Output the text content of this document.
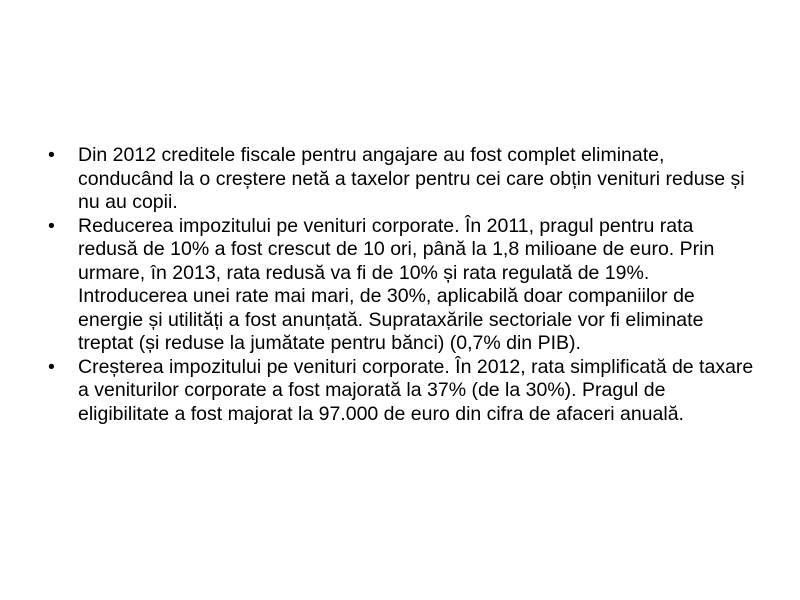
• Din 2012 creditele fiscale pentru angajare au fost complet eliminate, conducând la o creștere netă a taxelor pentru cei care obțin venituri reduse și nu au copii.
• Reducerea impozitului pe venituri corporate. În 2011, pragul pentru rata redusă de 10% a fost crescut de 10 ori, până la 1,8 milioane de euro. Prin urmare, în 2013, rata redusă va fi de 10% și rata regulată de 19%. Introducerea unei rate mai mari, de 30%, aplicabilă doar companiilor de energie și utilități a fost anunțată. Suprataxările sectoriale vor fi eliminate treptat (și reduse la jumătate pentru bănci) (0,7% din PIB).
• Creșterea impozitului pe venituri corporate. În 2012, rata simplificată de taxare a veniturilor corporate a fost majorată la 37% (de la 30%). Pragul de eligibilitate a fost majorat la 97.000 de euro din cifra de afaceri anuală.
